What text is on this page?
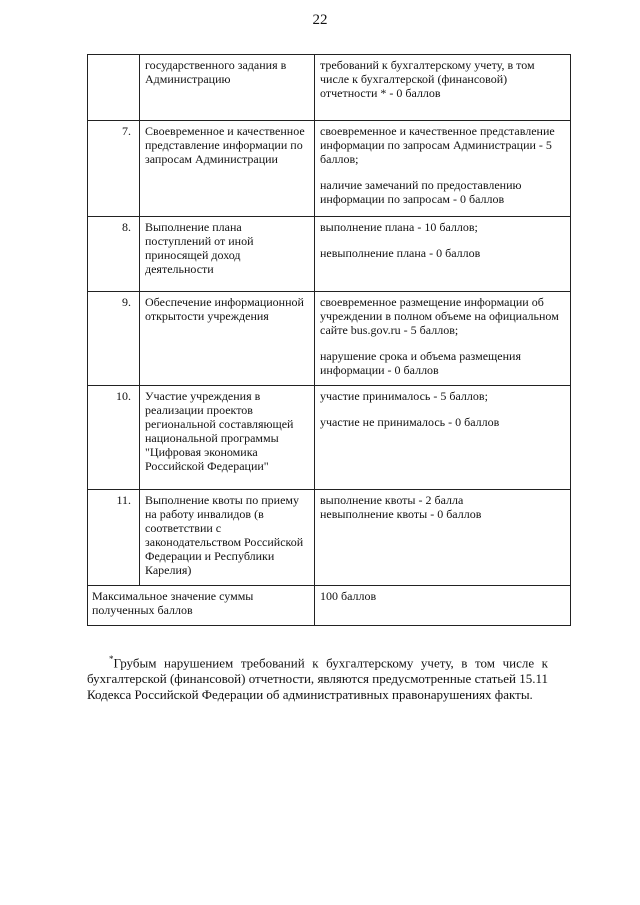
22
	государственного задания в Администрацию	требований к бухгалтерскому учету, в том числе к бухгалтерской (финансовой) отчетности * - 0 баллов

7.	Своевременное и качественное представление информации по запросам Администрации	своевременное и качественное представление информации по запросам Администрации - 5 баллов;
наличие замечаний по предоставлению информации по запросам - 0 баллов

8.	Выполнение плана поступлений от иной приносящей доход деятельности	выполнение плана - 10 баллов;
невыполнение плана - 0 баллов

9.	Обеспечение информационной открытости учреждения	своевременное размещение информации об учреждении в полном объеме на официальном сайте bus.gov.ru - 5 баллов;
нарушение срока и объема размещения информации - 0 баллов

10.	Участие учреждения в реализации проектов региональной составляющей национальной программы "Цифровая экономика Российской Федерации"	участие принималось - 5 баллов;
участие не принималось - 0 баллов

11.	Выполнение квоты по приему на работу инвалидов (в соответствии с законодательством Российской Федерации и Республики Карелия)	выполнение квоты - 2 балла
невыполнение квоты - 0 баллов

Максимальное значение суммы полученных баллов		100 баллов

*Грубым нарушением требований к бухгалтерскому учету, в том числе к бухгалтерской (финансовой) отчетности, являются предусмотренные статьей 15.11 Кодекса Российской Федерации об административных правонарушениях факты.
